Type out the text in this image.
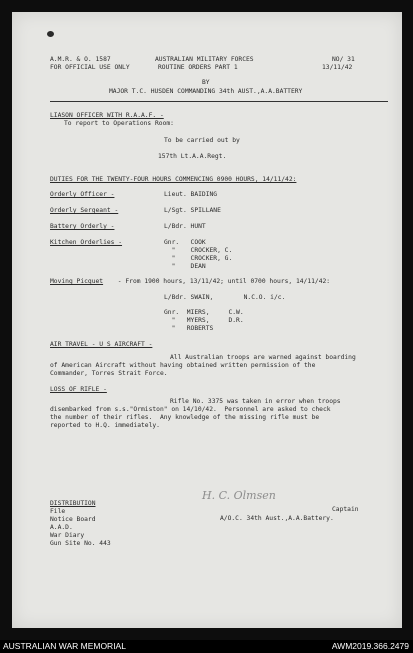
A.M.R. & O. 1587

FOR OFFICIAL USE ONLY

AUSTRALIAN MILITARY FORCES

ROUTINE ORDERS PART 1

NO/ 31

13/11/42

BY

MAJOR T.C. HUSDEN COMMANDING 34th AUST.,A.A.BATTERY

LIASON OFFICER WITH R.A.A.F. -

To report to Operations Room:

To be carried out by

157th Lt.A.A.Regt.

DUTIES FOR THE TWENTY-FOUR HOURS COMMENCING 0900 HOURS, 14/11/42:

Orderly Officer -	Lieut. BAIDING

Orderly Sergeant -	L/Sgt. SPILLANE

Battery Orderly -	L/Bdr. HUNT

Kitchen Orderlies -	Gnr.   COOK

"    CROCKER, C.

"    CROCKER, G.

"    DEAN

Moving Picquet - From 1900 hours, 13/11/42; until 0700 hours, 14/11/42:

L/Bdr. SWAIN,        N.C.O. i/c.

Gnr.  MIERS,     C.W.

"   MYERS,     D.R.

"   ROBERTS

AIR TRAVEL - U S AIRCRAFT -

All Australian troops are warned against boarding

of American Aircraft without having obtained written permission of the

Commander, Torres Strait Force.

LOSS OF RIFLE -

Rifle No. 3375 was taken in error when troops

disembarked from s.s."Ormiston" on 14/10/42.  Personnel are asked to check

the number of their rifles.  Any knowledge of the missing rifle must be

reported to H.Q. immediately.

DISTRIBUTION

File

Notice Board

A.A.D.

War Diary

Gun Site No. 443

H. C. Olmsen

Captain

A/O.C. 34th Aust.,A.A.Battery.

AUSTRALIAN WAR MEMORIAL	AWM2019.366.2479
